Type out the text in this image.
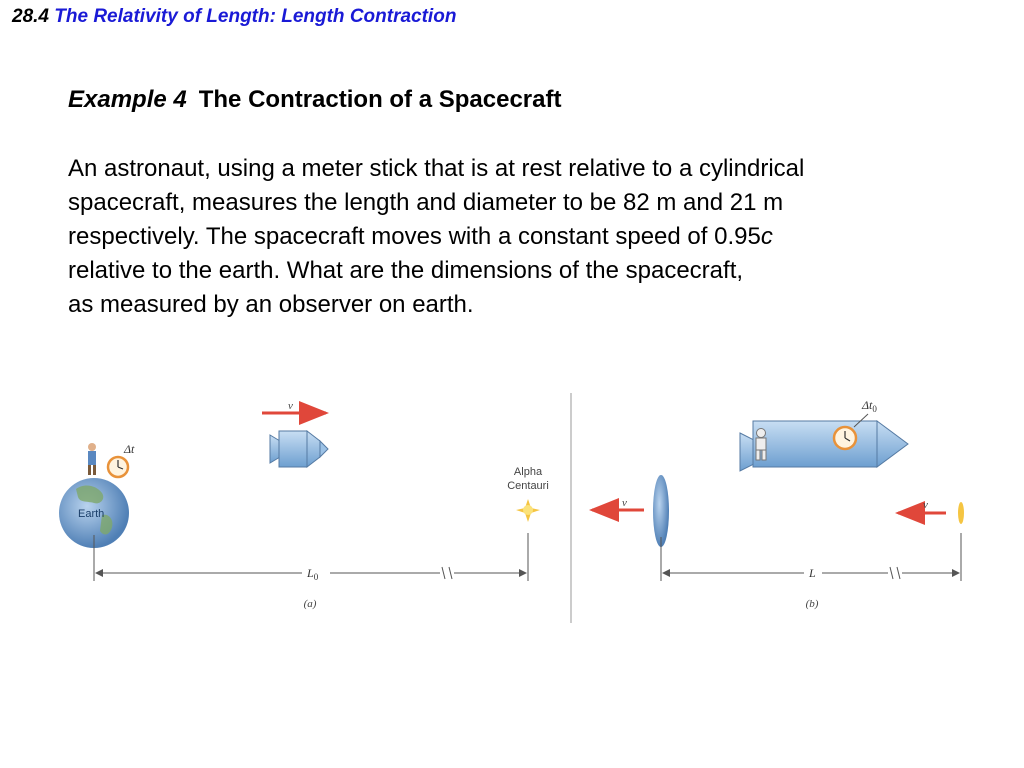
28.4 The Relativity of Length: Length Contraction
Example 4 The Contraction of a Spacecraft
An astronaut, using a meter stick that is at rest relative to a cylindrical
spacecraft, measures the length and diameter to be 82 m and 21 m
respectively. The spacecraft moves with a constant speed of 0.95c
relative to the earth. What are the dimensions of the spacecraft,
as measured by an observer on earth.
v
Δt
Earth
Alpha
Centauri
$L_0$
(a)
$\Delta t_0$
v	v
L
(b)
